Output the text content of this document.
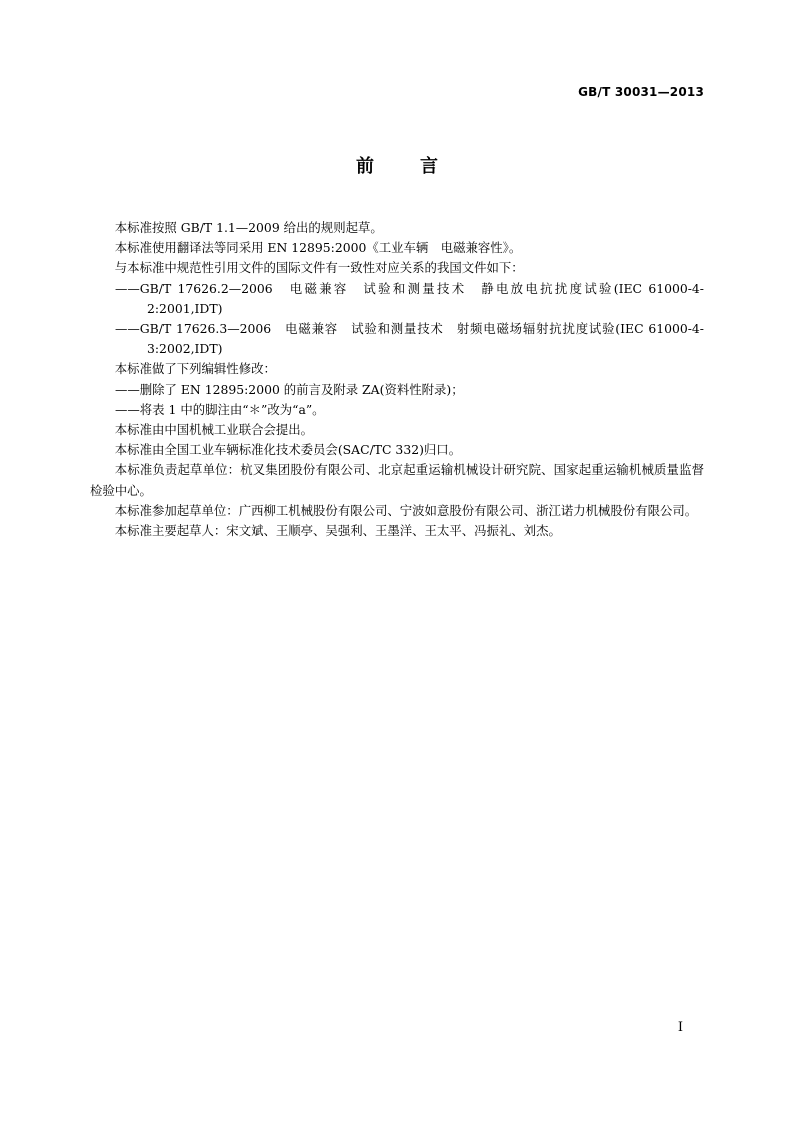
GB/T 30031—2013
前	言

本标准按照 GB/T 1.1—2009 给出的规则起草。

本标准使用翻译法等同采用 EN 12895:2000《工业车辆　电磁兼容性》。

与本标准中规范性引用文件的国际文件有一致性对应关系的我国文件如下：

——GB/T 17626.2—2006　电磁兼容　试验和测量技术　静电放电抗扰度试验(IEC 61000-4-2:2001,IDT)

——GB/T 17626.3—2006　电磁兼容　试验和测量技术　射频电磁场辐射抗扰度试验(IEC 61000-4-3:2002,IDT)

本标准做了下列编辑性修改：

——删除了 EN 12895:2000 的前言及附录 ZA(资料性附录)；

——将表 1 中的脚注由“＊”改为“a”。

本标准由中国机械工业联合会提出。

本标准由全国工业车辆标准化技术委员会(SAC/TC 332)归口。

本标准负责起草单位：杭叉集团股份有限公司、北京起重运输机械设计研究院、国家起重运输机械质量监督检验中心。

本标准参加起草单位：广西柳工机械股份有限公司、宁波如意股份有限公司、浙江诺力机械股份有限公司。

本标准主要起草人：宋文斌、王顺亭、吴强利、王墨洋、王太平、冯振礼、刘杰。

I
